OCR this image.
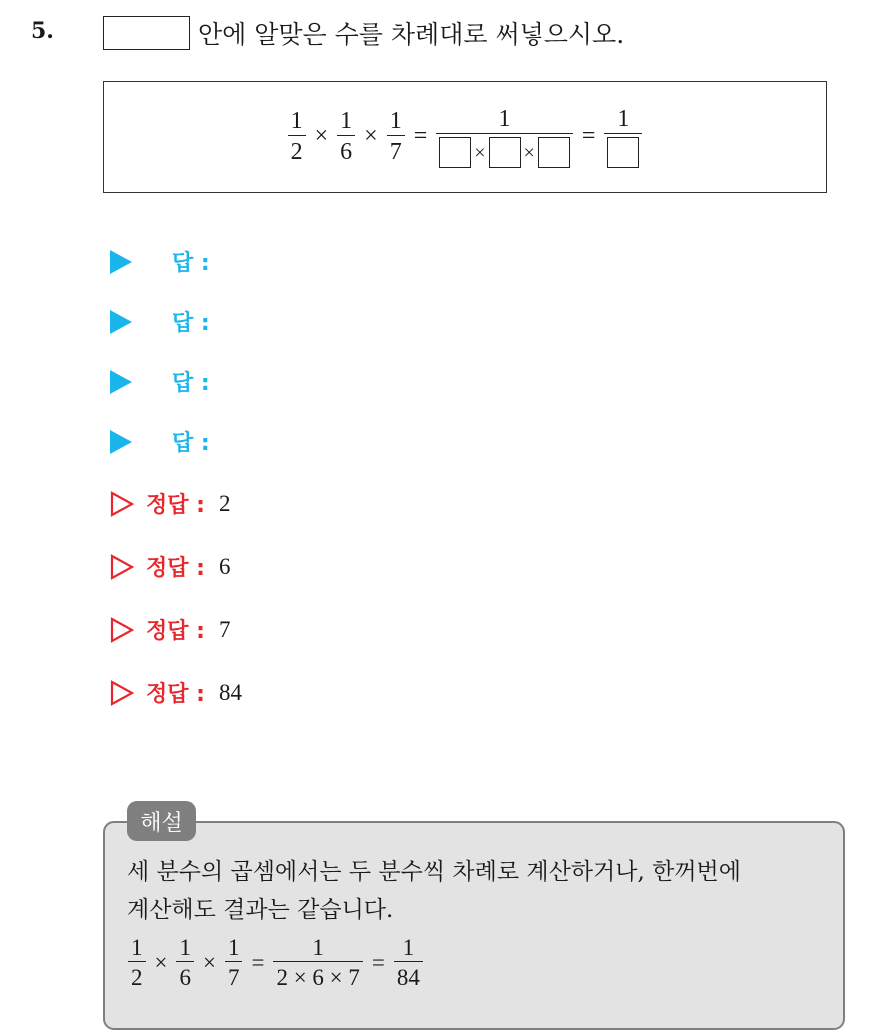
5.	안에 알맞은 수를 차례대로 써넣으시오.
$\frac{1}{2} \times \frac{1}{6} \times \frac{1}{7} = \frac{1}{\times \times}$ =
1
답 :
답 :
답 :
답 :
정답 : 2
정답 : 6
정답 : 7
정답 : 84
해설
세 분수의 곱셈에서는 두 분수씩 차례로 계산하거나, 한꺼번에
계산해도 결과는 같습니다.
$\frac{1}{2} \times \frac{1}{6} \times \frac{1}{7} = \frac{1}{2 \times 6 \times 7} = \frac{1}{84}$
